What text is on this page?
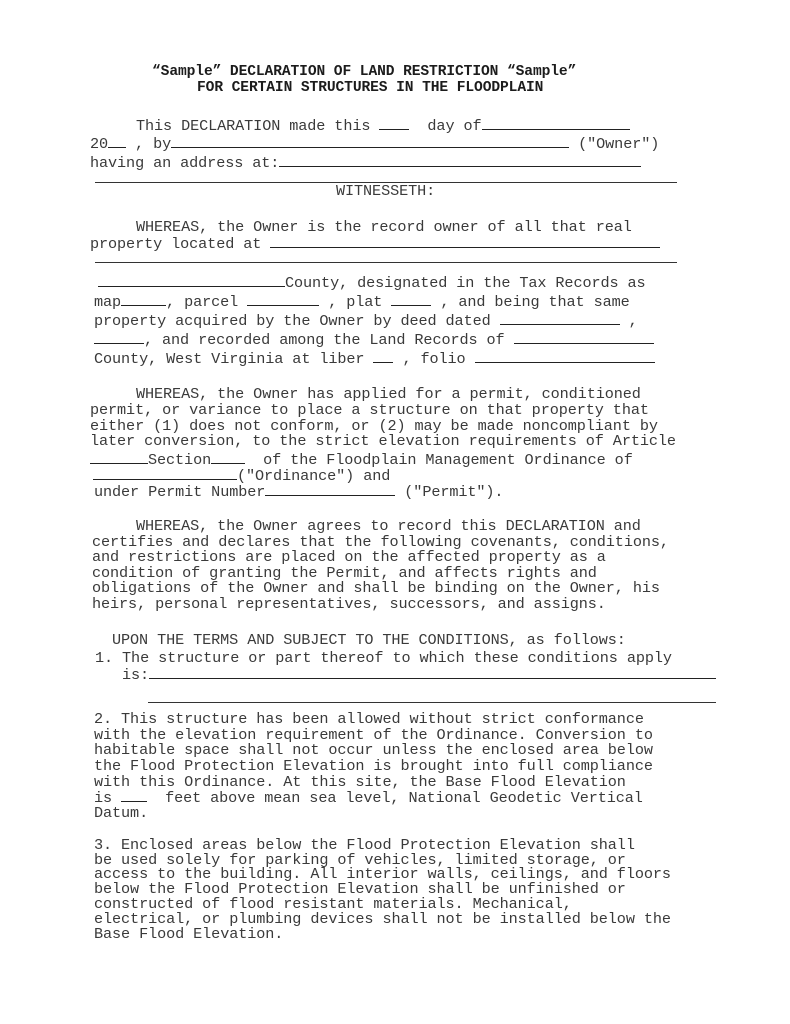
“Sample” DECLARATION OF LAND RESTRICTION “Sample”
FOR CERTAIN STRUCTURES IN THE FLOODPLAIN
This DECLARATION made this	day of
20 , by	("Owner")
having an address at:
WITNESSETH:
WHEREAS, the Owner is the record owner of all that real
property located at
County, designated in the Tax Records as
map	, parcel	, plat	, and being that same
property acquired by the Owner by deed dated	,
, and recorded among the Land Records of
County, West Virginia at liber	, folio
WHEREAS, the Owner has applied for a permit, conditioned
permit, or variance to place a structure on that property that
either (1) does not conform, or (2) may be made noncompliant by
later conversion, to the strict elevation requirements of Article
Section	of the Floodplain Management Ordinance of
("Ordinance") and
under Permit Number	("Permit").
WHEREAS, the Owner agrees to record this DECLARATION and
certifies and declares that the following covenants, conditions,
and restrictions are placed on the affected property as a
condition of granting the Permit, and affects rights and
obligations of the Owner and shall be binding on the Owner, his
heirs, personal representatives, successors, and assigns.
UPON THE TERMS AND SUBJECT TO THE CONDITIONS, as follows:
1. The structure or part thereof to which these conditions apply
is:
2. This structure has been allowed without strict conformance
with the elevation requirement of the Ordinance. Conversion to
habitable space shall not occur unless the enclosed area below
the Flood Protection Elevation is brought into full compliance
with this Ordinance. At this site, the Base Flood Elevation
is	feet above mean sea level, National Geodetic Vertical
Datum.
3. Enclosed areas below the Flood Protection Elevation shall
be used solely for parking of vehicles, limited storage, or
access to the building. All interior walls, ceilings, and floors
below the Flood Protection Elevation shall be unfinished or
constructed of flood resistant materials. Mechanical,
electrical, or plumbing devices shall not be installed below the
Base Flood Elevation.
